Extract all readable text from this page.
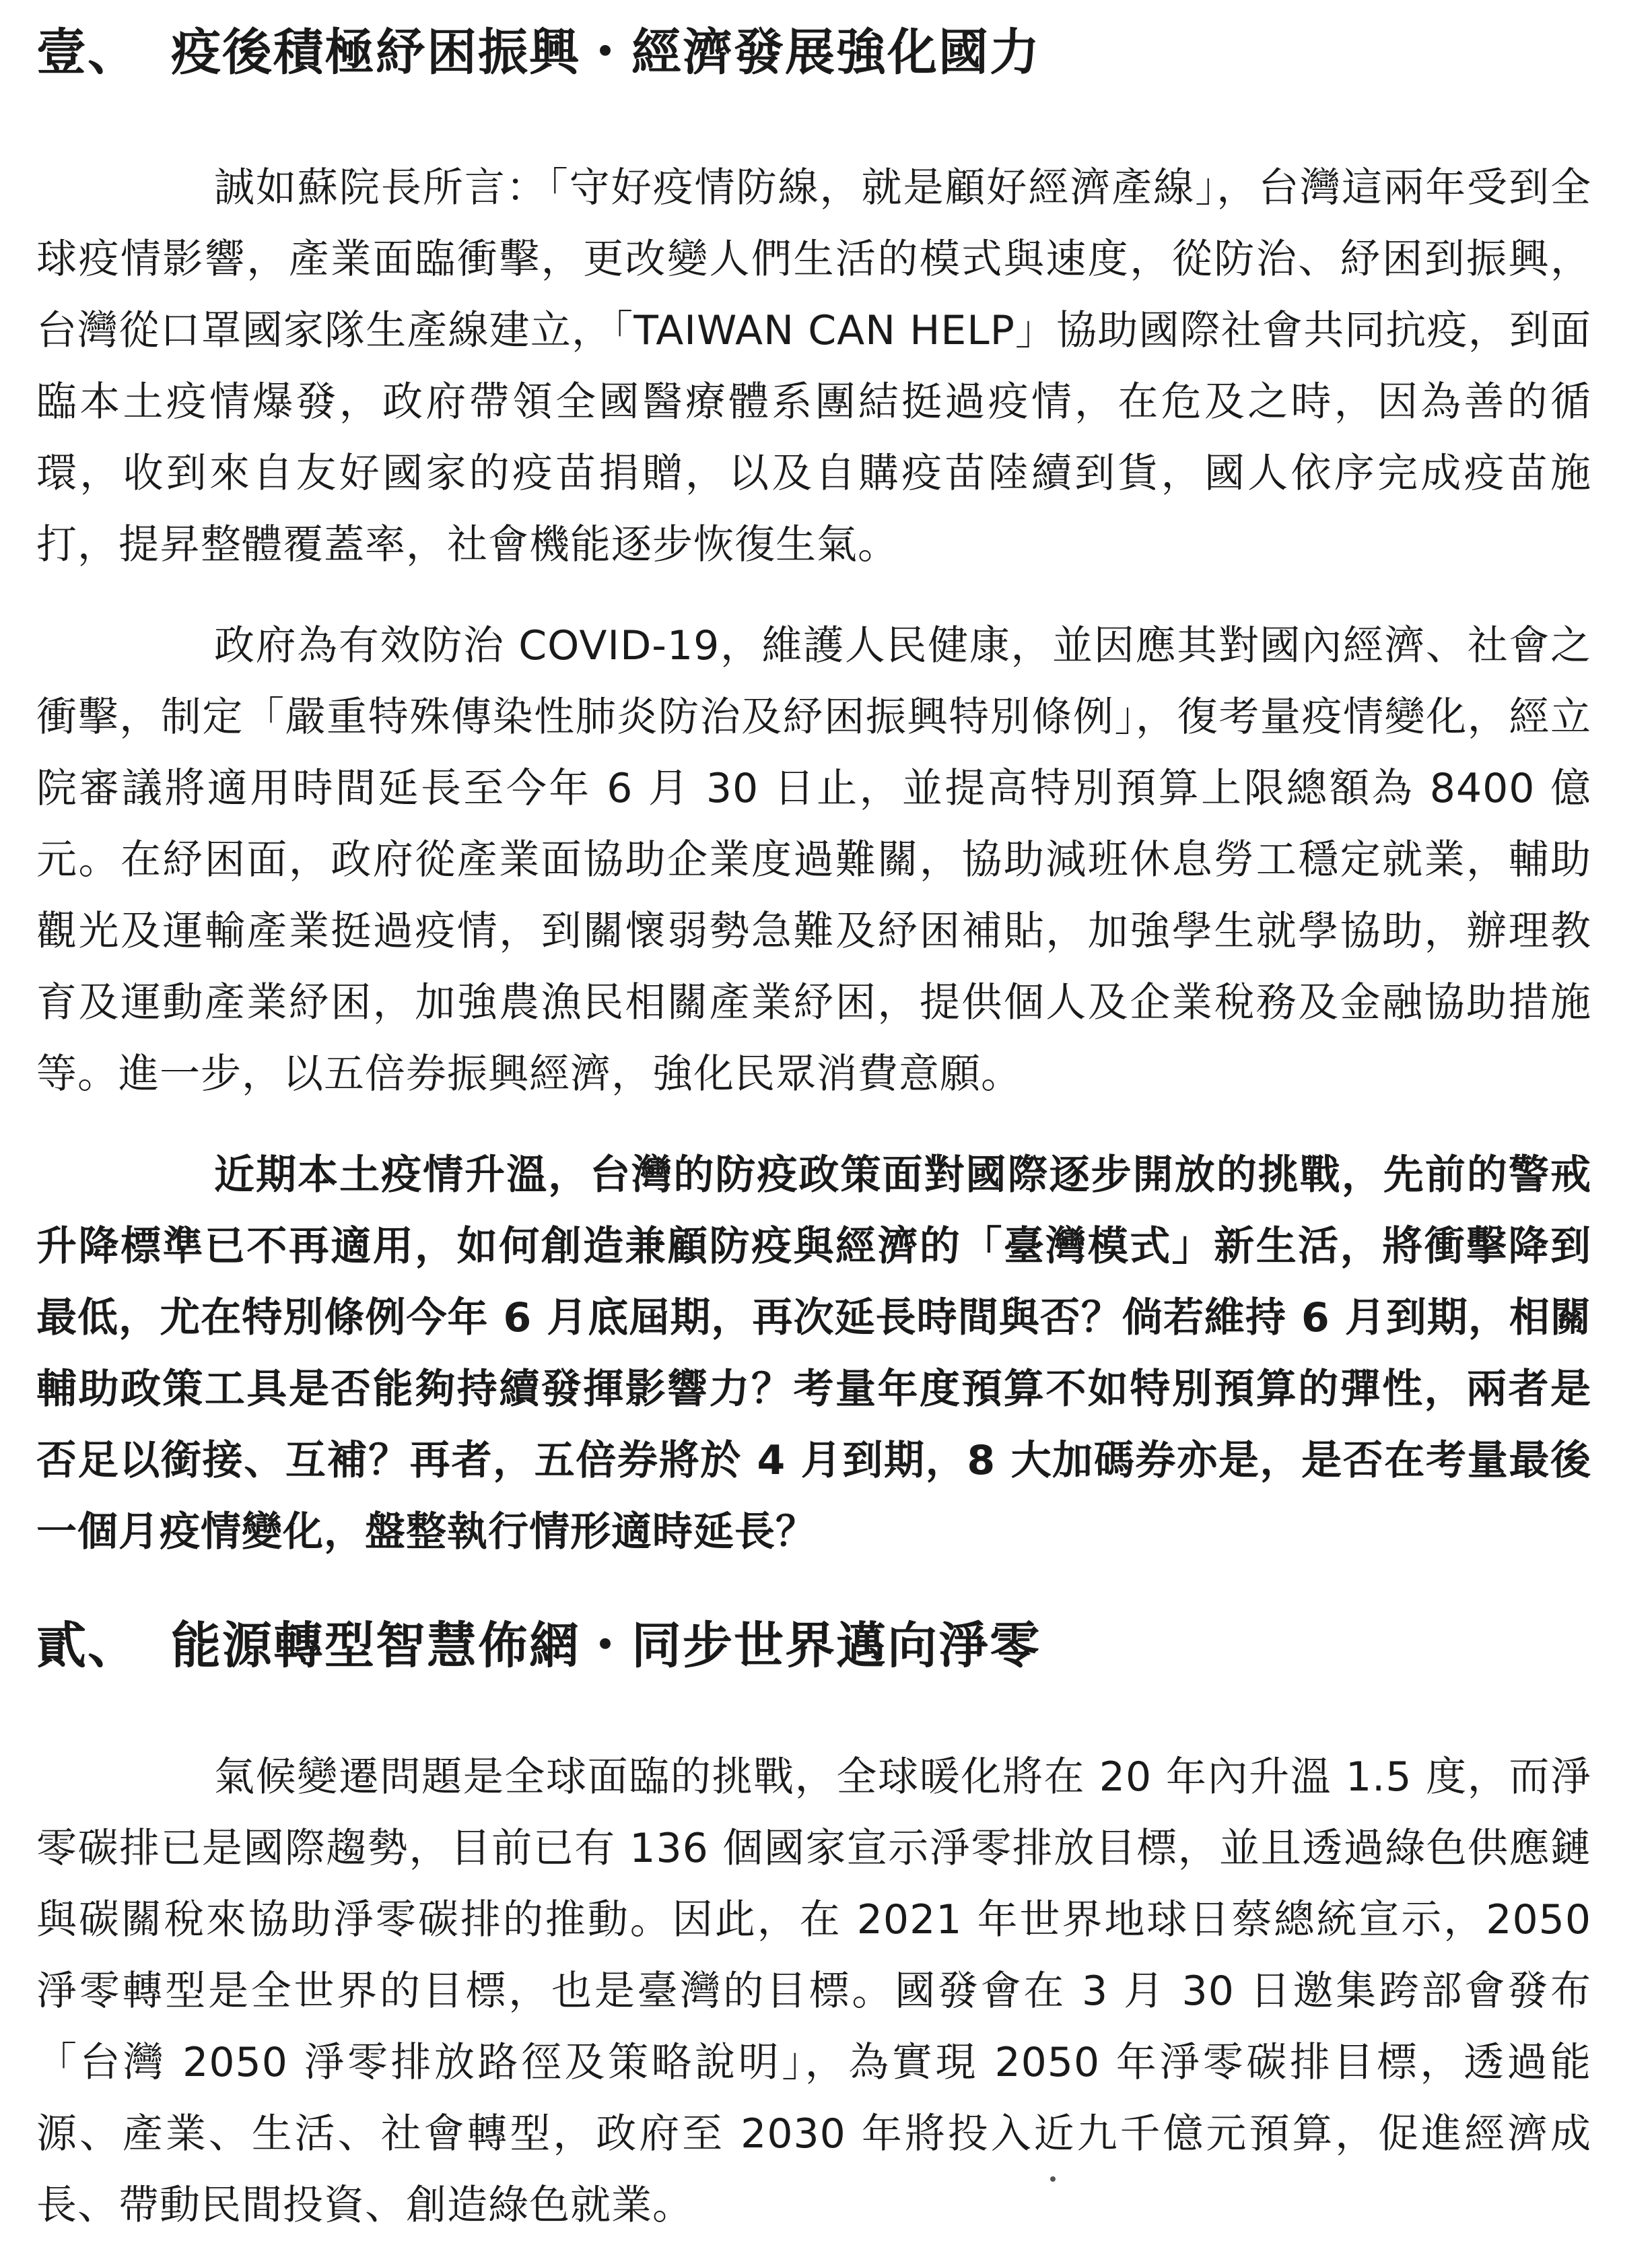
壹、 疫後積極紓困振興・經濟發展強化國力

誠如蘇院長所言：「守好疫情防線，就是顧好經濟產線」，台灣這兩年受到全球疫情影響，產業面臨衝擊，更改變人們生活的模式與速度，從防治、紓困到振興，台灣從口罩國家隊生產線建立，「TAIWAN CAN HELP」協助國際社會共同抗疫，到面臨本土疫情爆發，政府帶領全國醫療體系團結挺過疫情，在危及之時，因為善的循環，收到來自友好國家的疫苗捐贈，以及自購疫苗陸續到貨，國人依序完成疫苗施打，提昇整體覆蓋率，社會機能逐步恢復生氣。

政府為有效防治 COVID-19，維護人民健康，並因應其對國內經濟、社會之衝擊，制定「嚴重特殊傳染性肺炎防治及紓困振興特別條例」，復考量疫情變化，經立院審議將適用時間延長至今年 6 月 30 日止，並提高特別預算上限總額為 8400 億元。在紓困面，政府從產業面協助企業度過難關，協助減班休息勞工穩定就業，輔助觀光及運輸產業挺過疫情，到關懷弱勢急難及紓困補貼，加強學生就學協助，辦理教育及運動產業紓困，加強農漁民相關產業紓困，提供個人及企業稅務及金融協助措施等。進一步，以五倍券振興經濟，強化民眾消費意願。

近期本土疫情升溫，台灣的防疫政策面對國際逐步開放的挑戰，先前的警戒升降標準已不再適用，如何創造兼顧防疫與經濟的「臺灣模式」新生活，將衝擊降到最低，尤在特別條例今年 6 月底屆期，再次延長時間與否？倘若維持 6 月到期，相關輔助政策工具是否能夠持續發揮影響力？考量年度預算不如特別預算的彈性，兩者是否足以銜接、互補？再者，五倍券將於 4 月到期，8 大加碼券亦是，是否在考量最後一個月疫情變化，盤整執行情形適時延長？

貳、 能源轉型智慧佈網・同步世界邁向淨零

氣候變遷問題是全球面臨的挑戰，全球暖化將在 20 年內升溫 1.5 度，而淨零碳排已是國際趨勢，目前已有 136 個國家宣示淨零排放目標，並且透過綠色供應鏈與碳關稅來協助淨零碳排的推動。因此，在 2021 年世界地球日蔡總統宣示，2050 淨零轉型是全世界的目標，也是臺灣的目標。國發會在 3 月 30 日邀集跨部會發布「台灣 2050 淨零排放路徑及策略說明」，為實現 2050 年淨零碳排目標，透過能源、產業、生活、社會轉型，政府至 2030 年將投入近九千億元預算，促進經濟成長、帶動民間投資、創造綠色就業。
